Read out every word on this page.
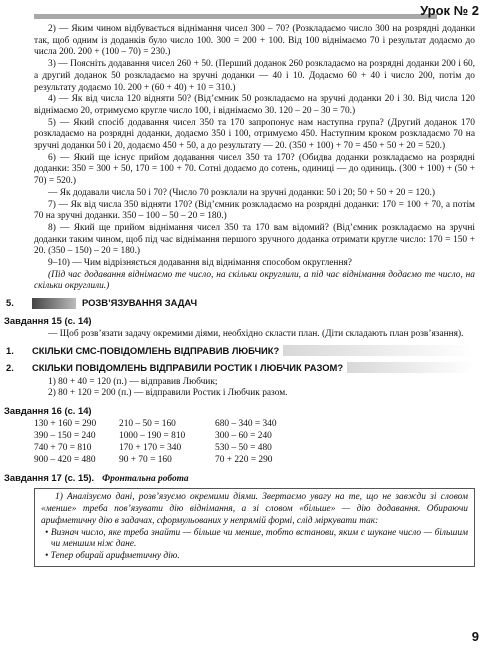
Урок № 2

2) — Яким чином відбувається віднімання чисел 300 – 70? (Розкладаємо число 300 на розрядні доданки так, щоб одним із доданків було число 100. 300 = 200 + 100. Від 100 віднімаємо 70 і результат додаємо до числа 200. 200 + (100 – 70) = 230.)

3) — Поясніть додавання чисел 260 + 50. (Перший доданок 260 розкладаємо на розрядні доданки 200 і 60, а другий доданок 50 розкладаємо на зручні доданки — 40 і 10. Додаємо 60 + 40 і число 200, потім до результату додаємо 10. 200 + (60 + 40) + 10 = 310.)

4) — Як від числа 120 відняти 50? (Від’ємник 50 розкладаємо на зручні доданки 20 і 30. Від числа 120 віднімаємо 20, отримуємо кругле число 100, і віднімаємо 30. 120 – 20 – 30 = 70.)

5) — Який спосіб додавання чисел 350 та 170 запропонує нам наступна група? (Другий доданок 170 розкладаємо на розрядні доданки, додаємо 350 і 100, отримуємо 450. Наступним кроком розкладаємо 70 на зручні доданки 50 і 20, додаємо 450 + 50, а до результату — 20. (350 + 100) + 70 = 450 + 50 + 20 = 520.)

6) — Який ще існує прийом додавання чисел 350 та 170? (Обидва доданки розкладаємо на розрядні доданки: 350 = 300 + 50, 170 = 100 + 70. Сотні додаємо до сотень, одиниці — до одиниць. (300 + 100) + (50 + 70) = 520.)

— Як додавали числа 50 і 70? (Число 70 розклали на зручні доданки: 50 і 20; 50 + 50 + 20 = 120.)

7) — Як від числа 350 відняти 170? (Від’ємник розкладаємо на розрядні доданки: 170 = 100 + 70, а потім 70 на зручні доданки. 350 – 100 – 50 – 20 = 180.)

8) — Який ще прийом віднімання чисел 350 та 170 вам відомий? (Від’ємник розкладаємо на зручні доданки таким чином, щоб під час віднімання першого зручного доданка отримати кругле число: 170 = 150 + 20. (350 – 150) – 20 = 180.)

9–10) — Чим відрізняється додавання від віднімання способом округлення?

(Під час додавання віднімаємо те число, на скільки округлили, а під час віднімання додаємо те число, на скільки округлили.)

5.	РОЗВ’ЯЗУВАННЯ ЗАДАЧ
Завдання 15 (с. 14)

— Щоб розв’язати задачу окремими діями, необхідно скласти план. (Діти складають план розв’язання).

1.	СКІЛЬКИ СМС-ПОВІДОМЛЕНЬ ВІДПРАВИВ ЛЮБЧИК?
2.	СКІЛЬКИ ПОВІДОМЛЕНЬ ВІДПРАВИЛИ РОСТИК І ЛЮБЧИК РАЗОМ?

1) 80 + 40 = 120 (п.) — відправив Любчик;

2) 80 + 120 = 200 (п.) — відправили Ростик і Любчик разом.

Завдання 16 (с. 14)
130 + 160 = 290	210 – 50 = 160	680 – 340 = 340
390 – 150 = 240	1000 – 190 = 810	300 – 60 = 240
740 + 70 = 810	170 + 170 = 340	530 – 50 = 480
900 – 420 = 480	90 + 70 = 160	70 + 220 = 290
Завдання 17 (с. 15). Фронтальна робота

1) Аналізуємо дані, розв’язуємо окремими діями. Звертаємо увагу на те, що не завжди зі словом «менше» треба пов’язувати дію віднімання, а зі словом «більше» — дію додавання. Обираючи арифметичну дію в задачах, сформульованих у непрямій формі, слід міркувати так:

• Визнач число, яке треба знайти — більше чи менше, тобто встанови, яким є шукане число — більшим чи меншим ніж дане.

• Тепер обирай арифметичну дію.

9
